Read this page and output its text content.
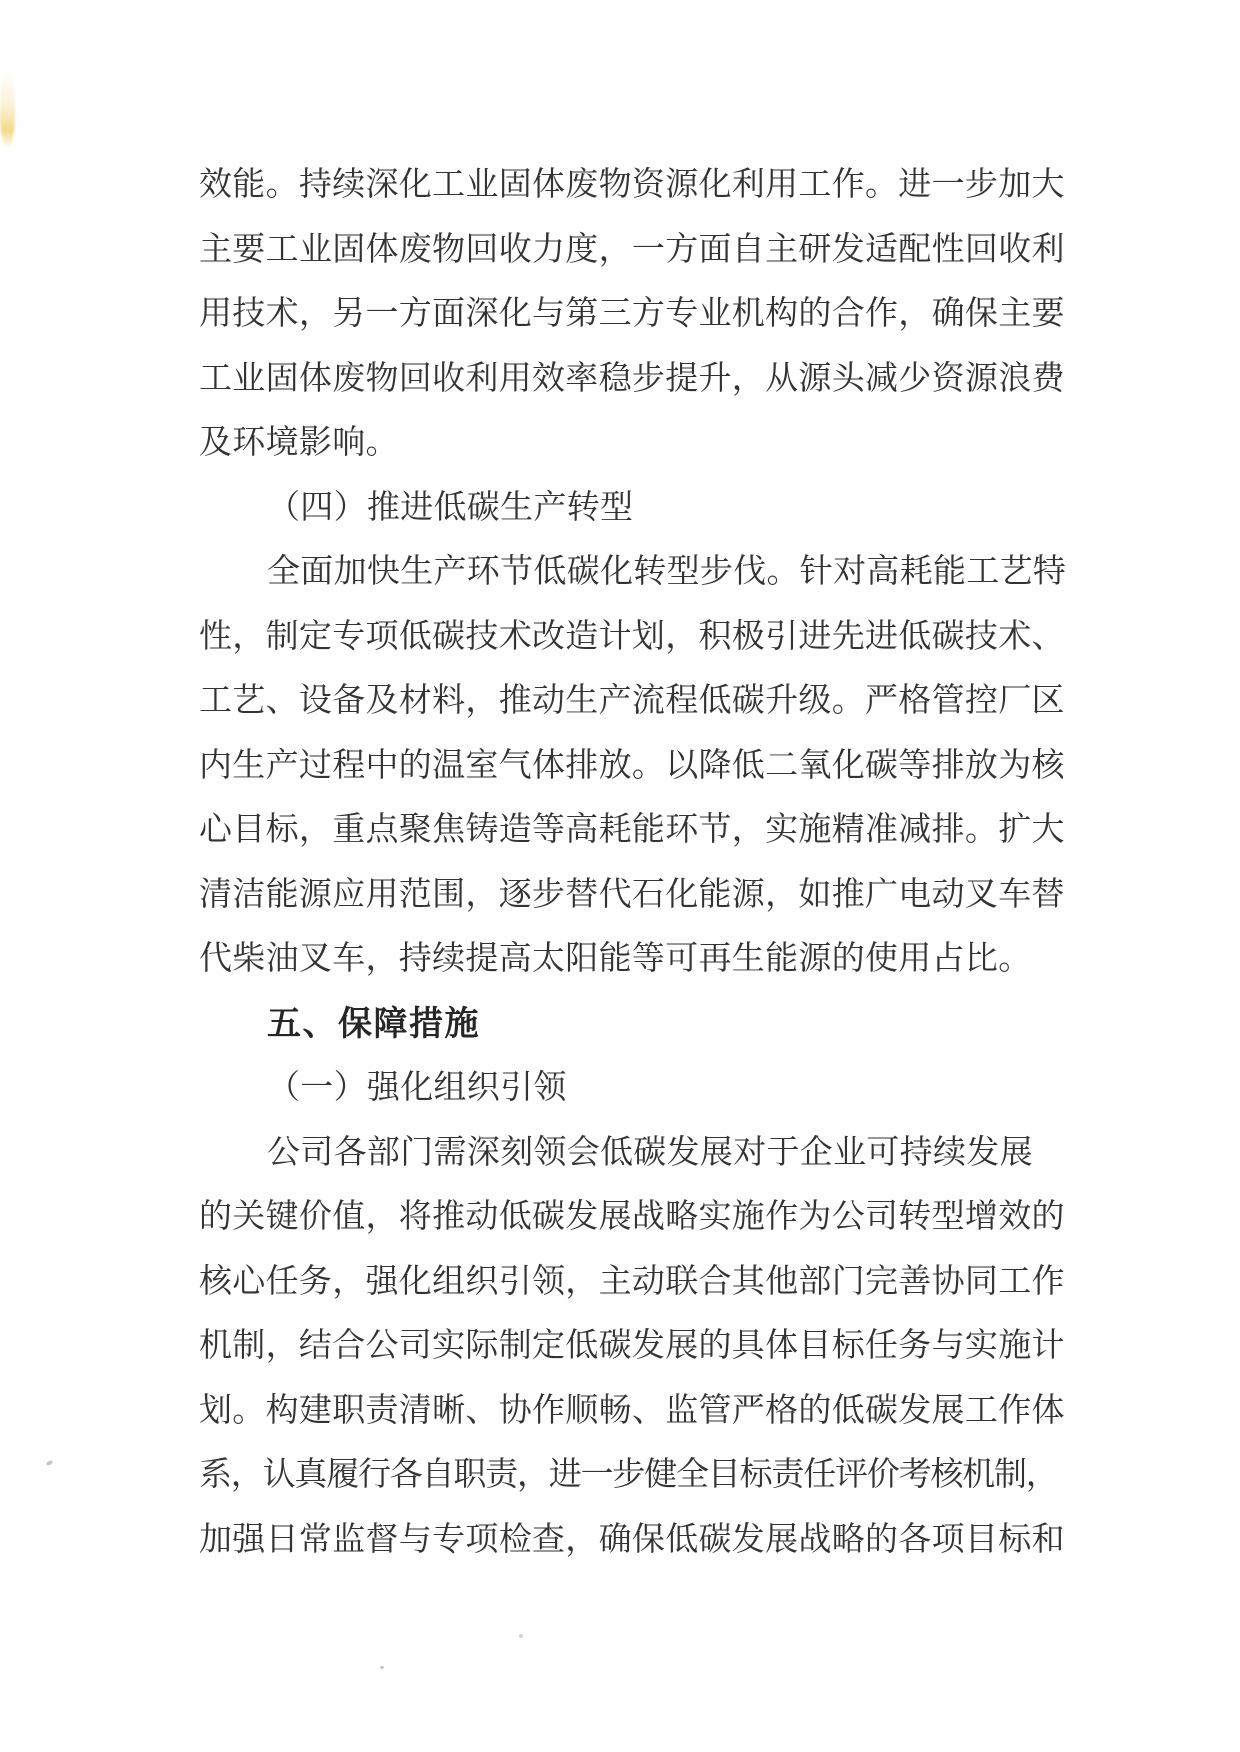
效能。持续深化工业固体废物资源化利用工作。进一步加大
主要工业固体废物回收力度，一方面自主研发适配性回收利
用技术，另一方面深化与第三方专业机构的合作，确保主要
工业固体废物回收利用效率稳步提升，从源头减少资源浪费
及环境影响。
（四）推进低碳生产转型
全面加快生产环节低碳化转型步伐。针对高耗能工艺特
性，制定专项低碳技术改造计划，积极引进先进低碳技术、
工艺、设备及材料，推动生产流程低碳升级。严格管控厂区
内生产过程中的温室气体排放。以降低二氧化碳等排放为核
心目标，重点聚焦铸造等高耗能环节，实施精准减排。扩大
清洁能源应用范围，逐步替代石化能源，如推广电动叉车替
代柴油叉车，持续提高太阳能等可再生能源的使用占比。
五、保障措施
（一）强化组织引领
公司各部门需深刻领会低碳发展对于企业可持续发展
的关键价值，将推动低碳发展战略实施作为公司转型增效的
核心任务，强化组织引领，主动联合其他部门完善协同工作
机制，结合公司实际制定低碳发展的具体目标任务与实施计
划。构建职责清晰、协作顺畅、监管严格的低碳发展工作体
系，认真履行各自职责，进一步健全目标责任评价考核机制，
加强日常监督与专项检查，确保低碳发展战略的各项目标和
